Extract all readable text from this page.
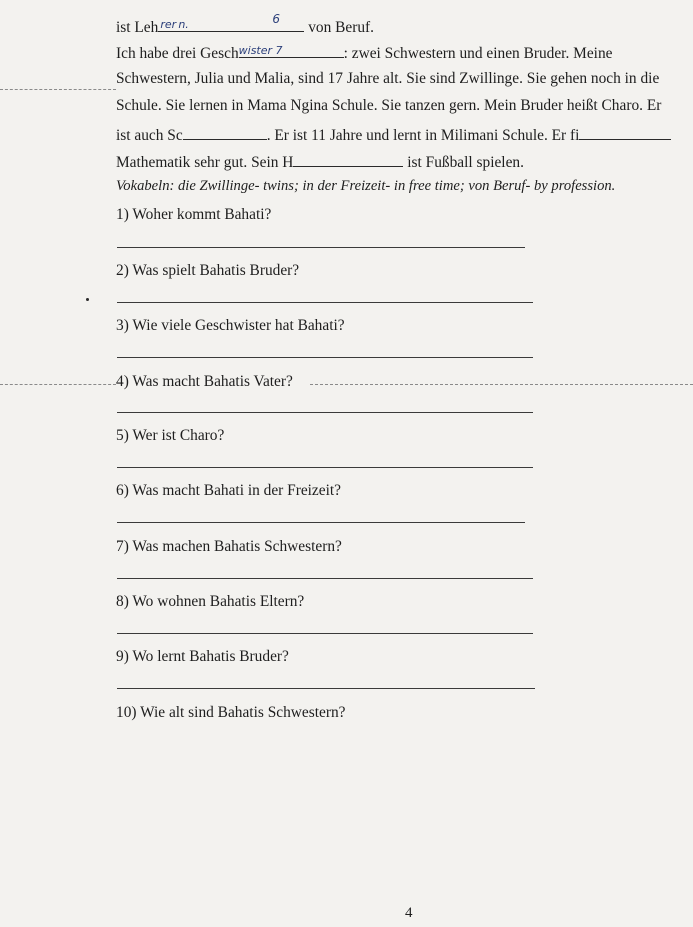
ist Leh rer n.	6 von Beruf.
Ich habe drei Gesch wister 7	: zwei Schwestern und einen Bruder. Meine
Schwestern, Julia und Malia, sind 17 Jahre alt. Sie sind Zwillinge. Sie gehen noch in die
Schule. Sie lernen in Mama Ngina Schule. Sie tanzen gern. Mein Bruder heißt Charo. Er
ist auch Sc	. Er ist 11 Jahre und lernt in Milimani Schule. Er fi
Mathematik sehr gut. Sein H	ist Fußball spielen.
Vokabeln: die Zwillinge- twins; in der Freizeit- in free time; von Beruf- by profession.
1) Woher kommt Bahati?
2) Was spielt Bahatis Bruder?
3) Wie viele Geschwister hat Bahati?
4) Was macht Bahatis Vater?
5) Wer ist Charo?
6) Was macht Bahati in der Freizeit?
7) Was machen Bahatis Schwestern?
8) Wo wohnen Bahatis Eltern?
9) Wo lernt Bahatis Bruder?
10) Wie alt sind Bahatis Schwestern?
4
